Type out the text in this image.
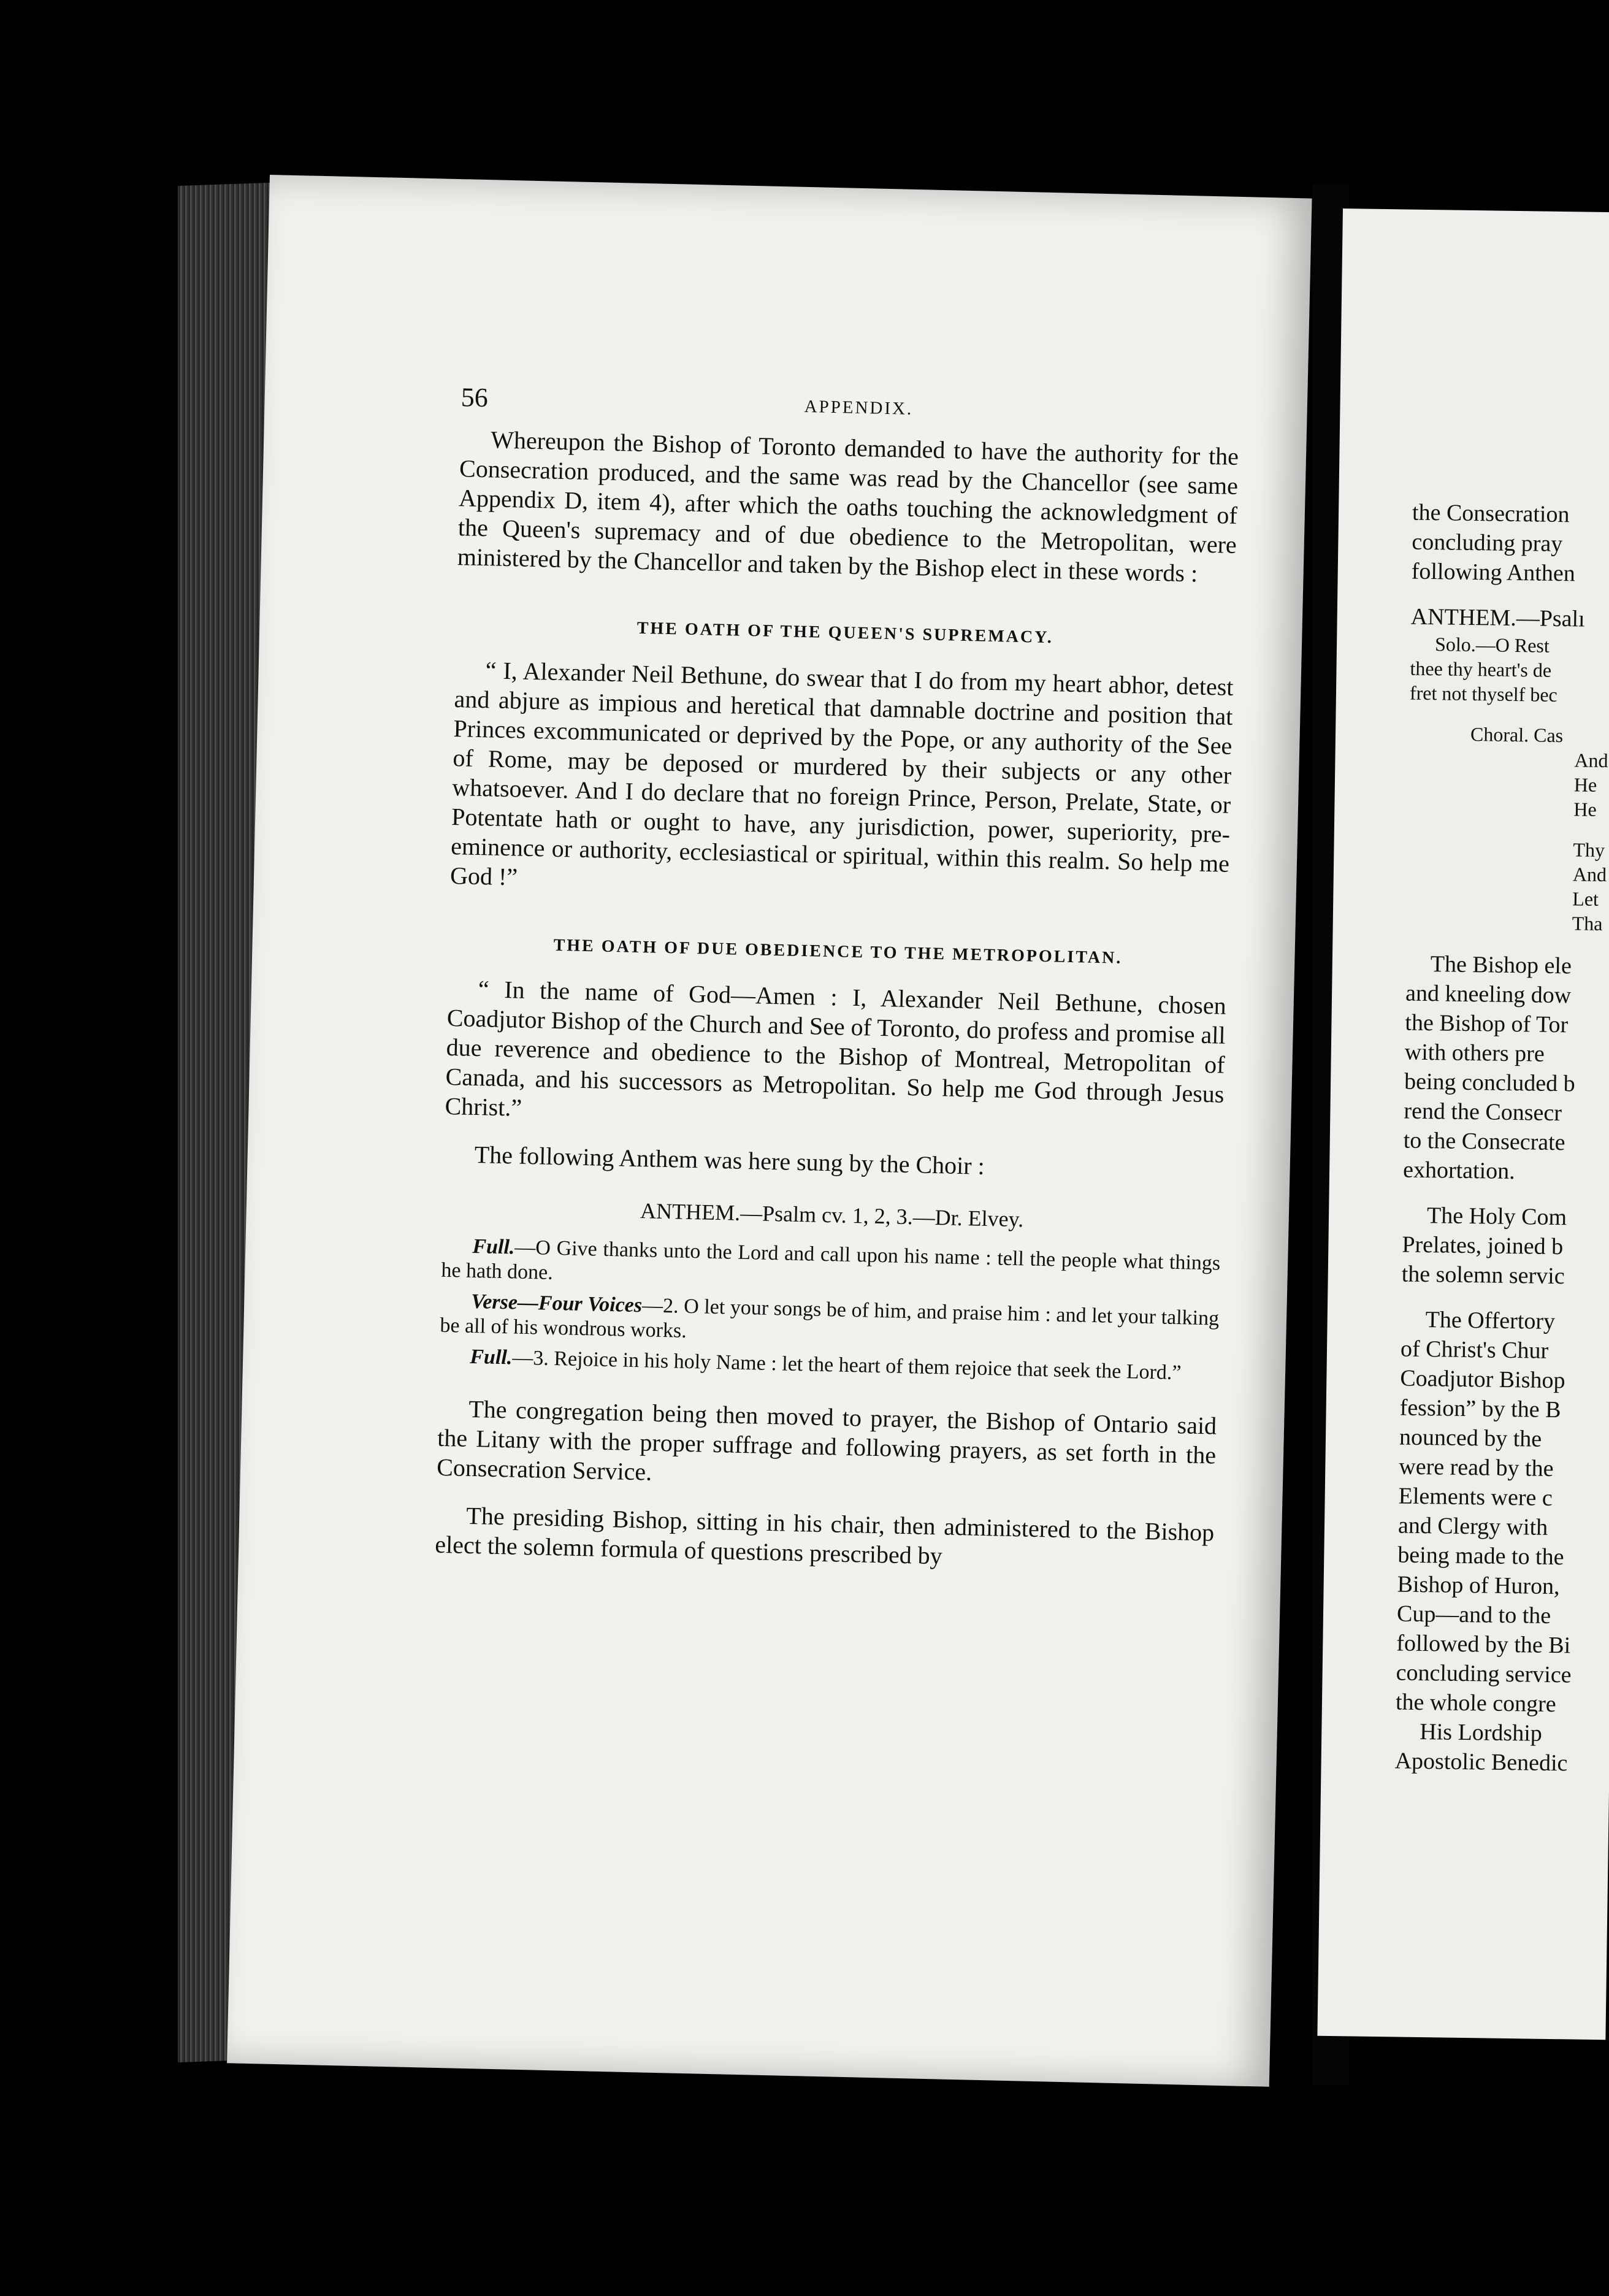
56	APPENDIX.

Whereupon the Bishop of Toronto demanded to have the authority for the Consecration produced, and the same was read by the Chancellor (see same Appendix D, item 4), after which the oaths touching the acknowledgment of the Queen's supremacy and of due obedience to the Metropolitan, were ministered by the Chancellor and taken by the Bishop elect in these words :

THE OATH OF THE QUEEN'S SUPREMACY.

“ I, Alexander Neil Bethune, do swear that I do from my heart abhor, detest and abjure as impious and heretical that damnable doctrine and position that Princes excommunicated or deprived by the Pope, or any authority of the See of Rome, may be deposed or murdered by their subjects or any other whatsoever. And I do declare that no foreign Prince, Person, Prelate, State, or Potentate hath or ought to have, any jurisdiction, power, superiority, pre-eminence or authority, ecclesiastical or spiritual, within this realm. So help me God !”

THE OATH OF DUE OBEDIENCE TO THE METROPOLITAN.

“ In the name of God—Amen : I, Alexander Neil Bethune, chosen Coadjutor Bishop of the Church and See of Toronto, do profess and promise all due reverence and obedience to the Bishop of Montreal, Metropolitan of Canada, and his successors as Metropolitan. So help me God through Jesus Christ.”

The following Anthem was here sung by the Choir :

ANTHEM.—Psalm cv. 1, 2, 3.—Dr. Elvey.

Full.—O Give thanks unto the Lord and call upon his name : tell the people what things he hath done.

Verse—Four Voices—2. O let your songs be of him, and praise him : and let your talking be all of his wondrous works.

Full.—3. Rejoice in his holy Name : let the heart of them rejoice that seek the Lord.”

The congregation being then moved to prayer, the Bishop of Ontario said the Litany with the proper suffrage and following prayers, as set forth in the Consecration Service.

The presiding Bishop, sitting in his chair, then administered to the Bishop elect the solemn formula of questions prescribed by

the Consecration
concluding pray
following Anthen
ANTHEM.—Psalı
Solo.—O Rest
thee thy heart's de
fret not thyself bec
Choral. Cas
And
He
He
Thy
And
Let
Tha
The Bishop ele
and kneeling dow
the Bishop of Tor
with others pre
being concluded b
rend the Consecr
to the Consecrate
exhortation.
The Holy Com
Prelates, joined b
the solemn servic
The Offertory
of Christ's Chur
Coadjutor Bishop
fession” by the B
nounced by the
were read by the
Elements were c
and Clergy with
being made to the
Bishop of Huron,
Cup—and to the
followed by the Bi
concluding service
the whole congre
His Lordship
Apostolic Benedic
